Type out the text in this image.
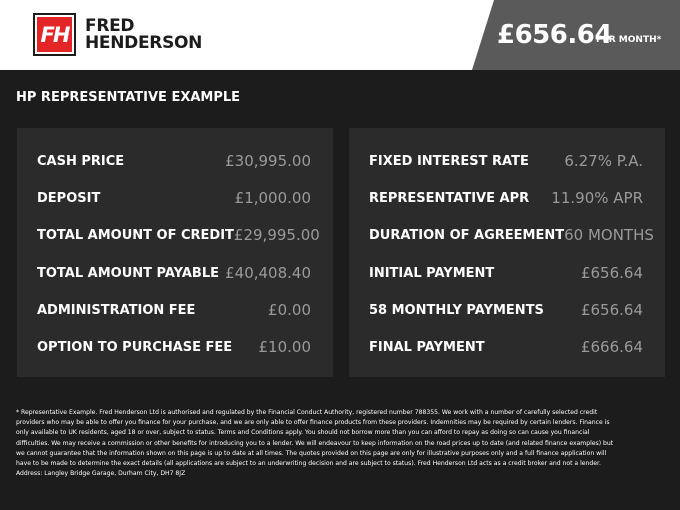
FH FRED
HENDERSON	£656.64
PER MONTH*
HP REPRESENTATIVE EXAMPLE
CASH PRICE	£30,995.00
DEPOSIT	£1,000.00
TOTAL AMOUNT OF CREDIT £29,995.00
TOTAL AMOUNT PAYABLE £40,408.40
ADMINISTRATION FEE	£0.00
OPTION TO PURCHASE FEE £10.00
FIXED INTEREST RATE 6.27% P.A.
REPRESENTATIVE APR 11.90% APR
DURATION OF AGREEMENT 60 MONTHS
INITIAL PAYMENT	£656.64
58 MONTHLY PAYMENTS £656.64
FINAL PAYMENT	£666.64
* Representative Example. Fred Henderson Ltd is authorised and regulated by the Financial Conduct Authority, registered number 788355. We work with a number of carefully selected credit providers who may be able to offer you finance for your purchase, and we are only able to offer finance products from these providers. Indemnities may be required by certain lenders. Finance is only available to UK residents, aged 18 or over, subject to status. Terms and Conditions apply. You should not borrow more than you can afford to repay as doing so can cause you financial difficulties. We may receive a commission or other benefits for introducing you to a lender. We will endeavour to keep information on the road prices up to date (and related finance examples) but we cannot guarantee that the information shown on this page is up to date at all times. The quotes provided on this page are only for illustrative purposes only and a full finance application will have to be made to determine the exact details (all applications are subject to an underwriting decision and are subject to status). Fred Henderson Ltd acts as a credit broker and not a lender. Address: Langley Bridge Garage, Durham City, DH7 8JZ
